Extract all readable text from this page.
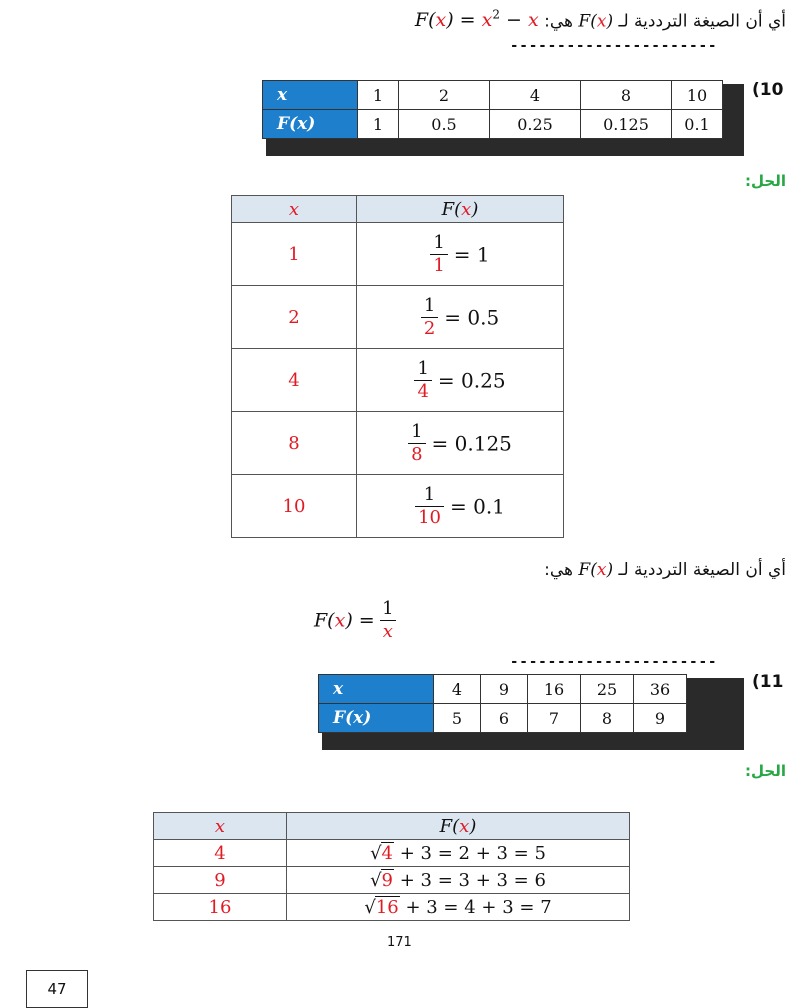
أي أن الصيغة الترددية لـ F(x) هي: $F(x) = x^2 - x$
----------------------
(10
x	1	2	4	8	10
F(x)	1	0.5	0.25	0.125	0.1
الحل:
x	F(x)
1	$\frac{1}{1} = 1$
2	$\frac{1}{2} = 0.5$
4	$\frac{1}{4} = 0.25$
8	$\frac{1}{8} = 0.125$
10	$\frac{1}{10} = 0.1$
أي أن الصيغة الترددية لـ F(x) هي:
$F(x) = \frac{1}{x}$
----------------------
(11
x	4	9	16	25	36
F(x)	5	6	7	8	9
الحل:
x	F(x)
4	√4 + 3 = 2 + 3 = 5
9	√9 + 3 = 3 + 3 = 6
16	√16 + 3 = 4 + 3 = 7
171
47
